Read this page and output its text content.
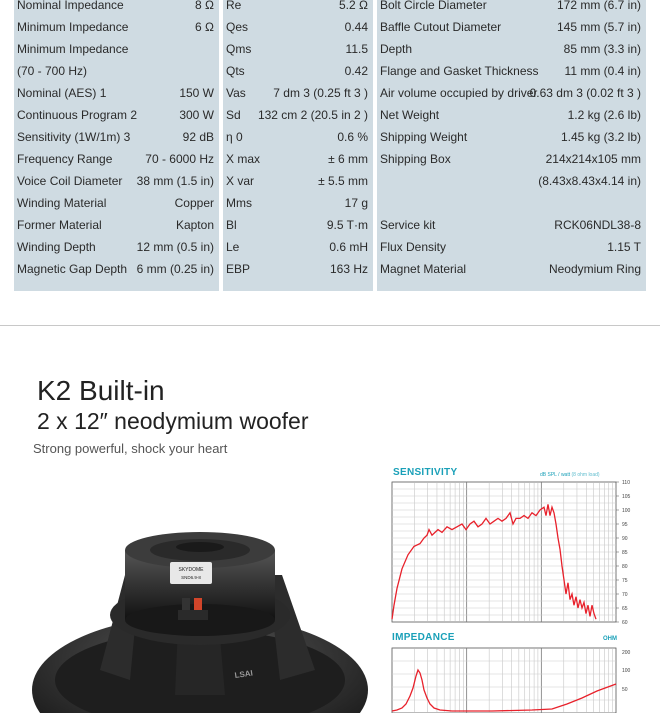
Nominal Impedance	8 Ω
Minimum Impedance	6 Ω
Minimum Impedance
(70 - 700 Hz)
Nominal (AES) 1	150 W
Continuous Program 2	300 W
Sensitivity (1W/1m) 3	92 dB
Frequency Range	70 - 6000 Hz
Voice Coil Diameter 38 mm (1.5 in)
Winding Material	Copper
Former Material	Kapton
Winding Depth	12 mm (0.5 in)
Magnetic Gap Depth 6 mm (0.25 in)
Re	5.2 Ω
Qes	0.44
Qms	11.5
Qts	0.42
Vas 7 dm 3 (0.25 ft 3 )
Sd 132 cm 2 (20.5 in 2 )
η 0	0.6 %
X max	± 6 mm
X var	± 5.5 mm
Mms	17 g
Bl	9.5 T·m
Le	0.6 mH
EBP	163 Hz
Bolt Circle Diameter	172 mm (6.7 in)
Baffle Cutout Diameter	145 mm (5.7 in)
Depth	85 mm (3.3 in)
Flange and Gasket Thickness 11 mm (0.4 in)
Air volume occupied by driver
0.63 dm 3 (0.02 ft 3 )
Net Weight	1.2 kg (2.6 lb)
Shipping Weight	1.45 kg (3.2 lb)
Shipping Box	214x214x105 mm
(8.43x8.43x4.14 in)
Service kit	RCK06NDL38-8
Flux Density	1.15 T
Magnet Material	Neodymium Ring
K2 Built-in
2 x 12″ neodymium woofer
Strong powerful, shock your heart
SKYDOME
SND6.9-8
LSAI
SENSITIVITY	dB SPL / watt (8 ohm load)
110
105
100
95
90
85
80
75
70
65
60
IMPEDANCE	OHM
200
100
50
